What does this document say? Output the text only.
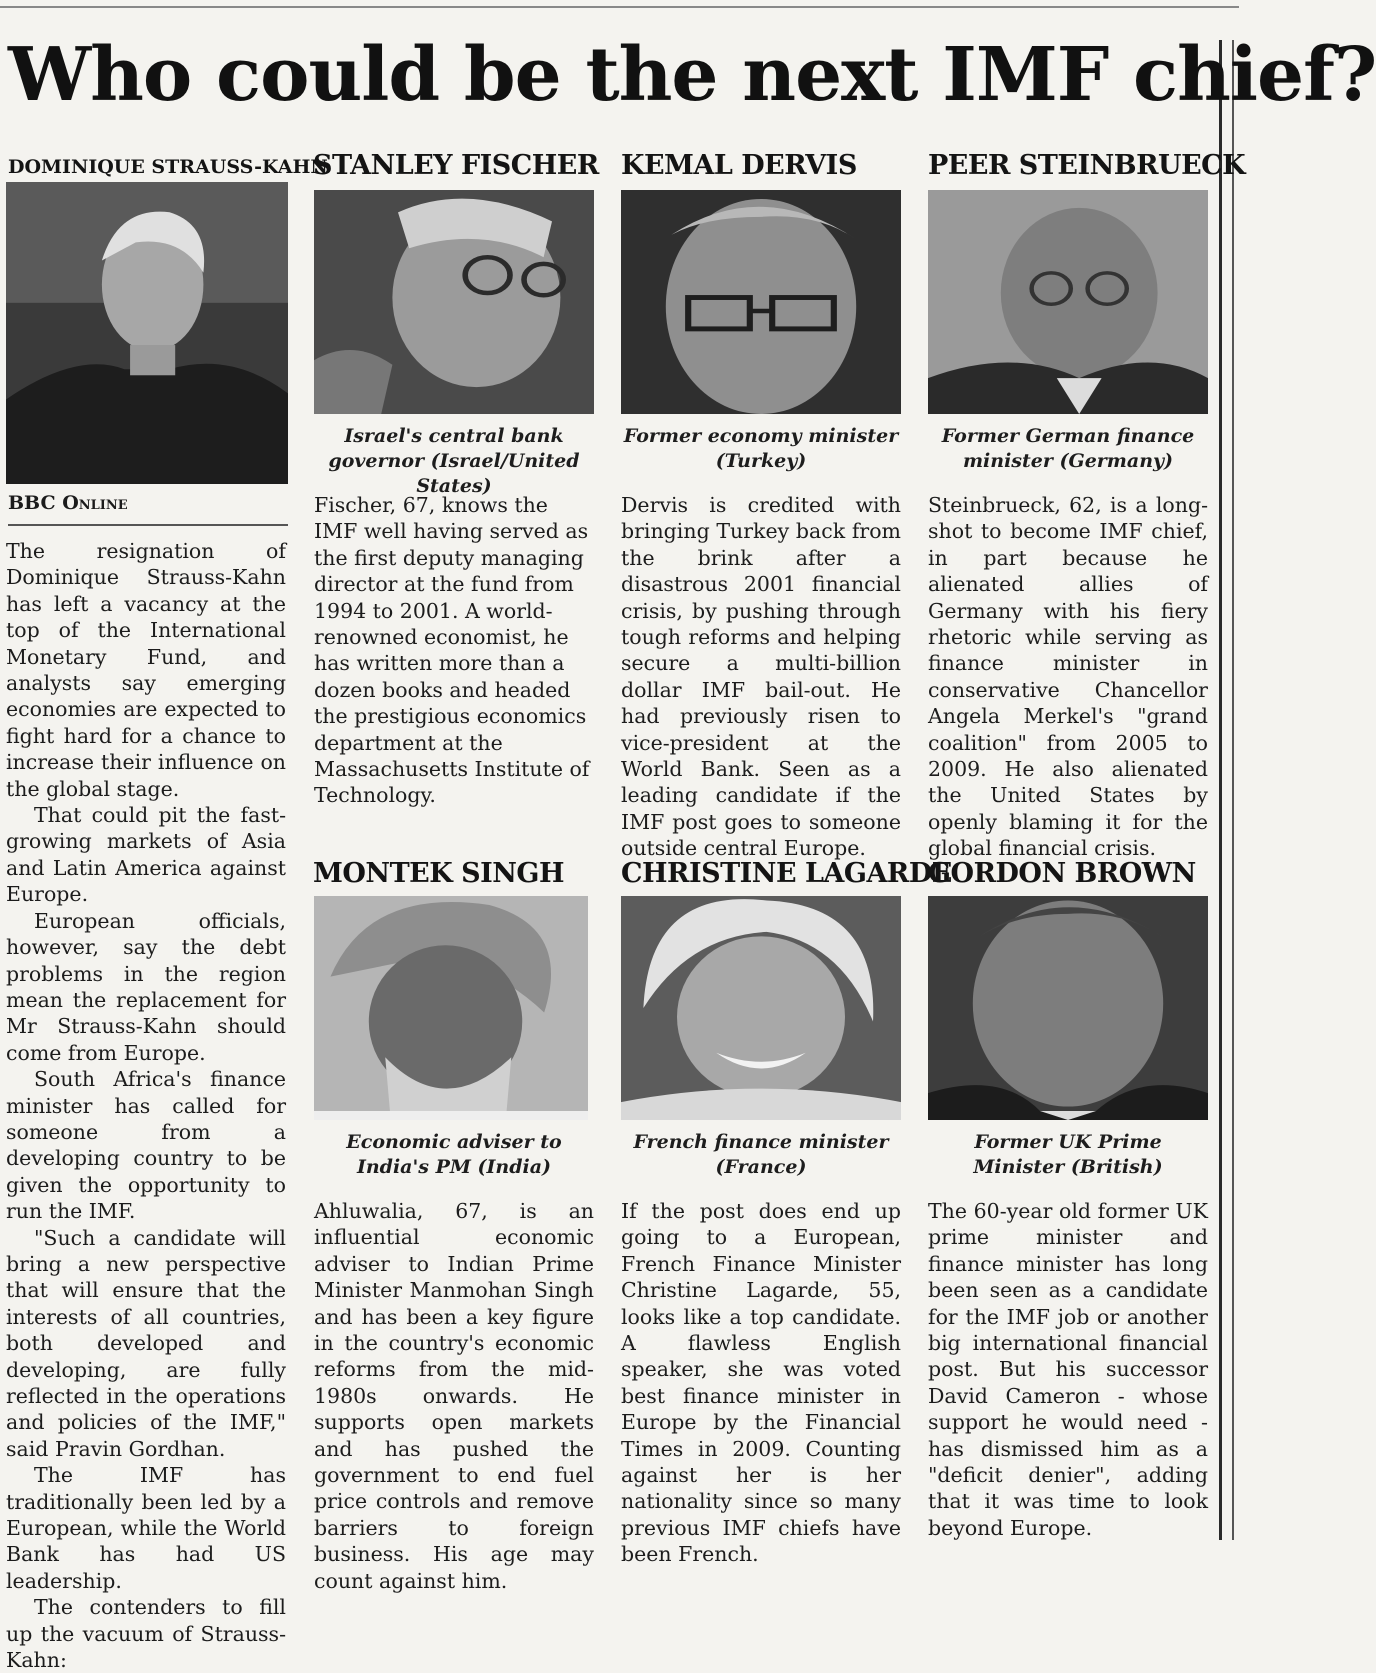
Who could be the next IMF chief?
DOMINIQUE STRAUSS-KAHN
BBC Online

The resignation of Dominique Strauss-Kahn has left a vacancy at the top of the International Monetary Fund, and analysts say emerging economies are expected to fight hard for a chance to increase their influence on the global stage.

That could pit the fast-growing markets of Asia and Latin America against Europe.

European officials, however, say the debt problems in the region mean the replacement for Mr Strauss-Kahn should come from Europe.

South Africa's finance minister has called for someone from a developing country to be given the opportunity to run the IMF.

"Such a candidate will bring a new perspective that will ensure that the interests of all countries, both developed and developing, are fully reflected in the operations and policies of the IMF," said Pravin Gordhan.

The IMF has traditionally been led by a European, while the World Bank has had US leadership.

The contenders to fill up the vacuum of Strauss-Kahn:

STANLEY FISCHER
Israel's central bank governor (Israel/United States)
Fischer, 67, knows the IMF well having served as the first deputy managing director at the fund from 1994 to 2001. A world-renowned economist, he has written more than a dozen books and headed the prestigious economics department at the Massachusetts Institute of Technology.
KEMAL DERVIS
Former economy minister (Turkey)
Dervis is credited with bringing Turkey back from the brink after a disastrous 2001 financial crisis, by pushing through tough reforms and helping secure a multi-billion dollar IMF bail-out. He had previously risen to vice-president at the World Bank. Seen as a leading candidate if the IMF post goes to someone outside central Europe.
PEER STEINBRUECK
Former German finance minister (Germany)
Steinbrueck, 62, is a long-shot to become IMF chief, in part because he alienated allies of Germany with his fiery rhetoric while serving as finance minister in conservative Chancellor Angela Merkel's "grand coalition" from 2005 to 2009. He also alienated the United States by openly blaming it for the global financial crisis.
MONTEK SINGH
Economic adviser to India's PM (India)
Ahluwalia, 67, is an influential economic adviser to Indian Prime Minister Manmohan Singh and has been a key figure in the country's economic reforms from the mid-1980s onwards. He supports open markets and has pushed the government to end fuel price controls and remove barriers to foreign business. His age may count against him.
CHRISTINE LAGARDE
French finance minister (France)
If the post does end up going to a European, French Finance Minister Christine Lagarde, 55, looks like a top candidate. A flawless English speaker, she was voted best finance minister in Europe by the Financial Times in 2009. Counting against her is her nationality since so many previous IMF chiefs have been French.
GORDON BROWN
Former UK Prime Minister (British)
The 60-year old former UK prime minister and finance minister has long been seen as a candidate for the IMF job or another big international financial post. But his successor David Cameron - whose support he would need - has dismissed him as a "deficit denier", adding that it was time to look beyond Europe.
